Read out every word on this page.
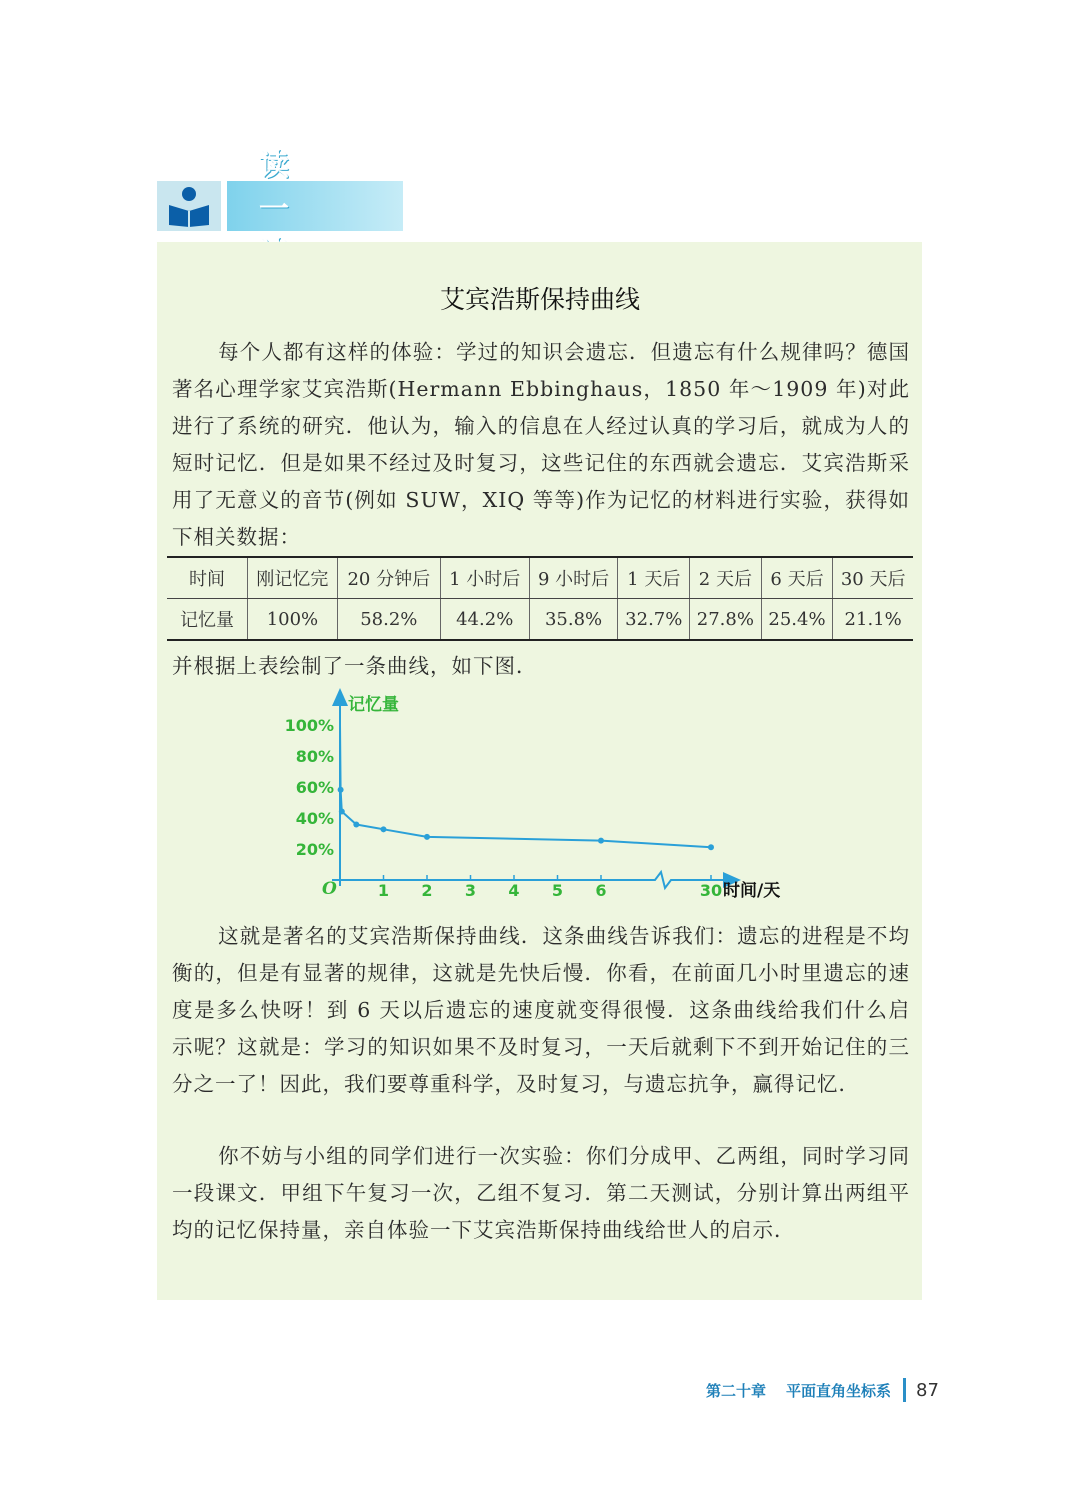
读 一
艾宾浩斯保持曲线
每个人都有这样的体验：学过的知识会遗忘．但遗忘有什么规律吗？德国著名心理学家艾宾浩斯(Hermann Ebbinghaus，1850 年～1909 年)对此进行了系统的研究．他认为，输入的信息在人经过认真的学习后，就成为人的短时记忆．但是如果不经过及时复习，这些记住的东西就会遗忘．艾宾浩斯采用了无意义的音节(例如 SUW，XIQ 等等)作为记忆的材料进行实验，获得如下相关数据：
时间	刚记忆完	20 分钟后	1 小时后	9 小时后	1 天后	2 天后	6 天后	30 天后
记忆量	100%	58.2%	44.2%	35.8%	32.7%	27.8%	25.4%	21.1%
并根据上表绘制了一条曲线，如下图．
记忆量
时间/天
O
20%
40%
60%
80%
100%
1 2 3 4 5 6	30
这就是著名的艾宾浩斯保持曲线．这条曲线告诉我们：遗忘的进程是不均衡的，但是有显著的规律，这就是先快后慢．你看，在前面几小时里遗忘的速度是多么快呀！到 6 天以后遗忘的速度就变得很慢．这条曲线给我们什么启示呢？这就是：学习的知识如果不及时复习，一天后就剩下不到开始记住的三分之一了！因此，我们要尊重科学，及时复习，与遗忘抗争，赢得记忆．
你不妨与小组的同学们进行一次实验：你们分成甲、乙两组，同时学习同一段课文．甲组下午复习一次，乙组不复习．第二天测试，分别计算出两组平均的记忆保持量，亲自体验一下艾宾浩斯保持曲线给世人的启示．
第二十章 平面直角坐标系 87
